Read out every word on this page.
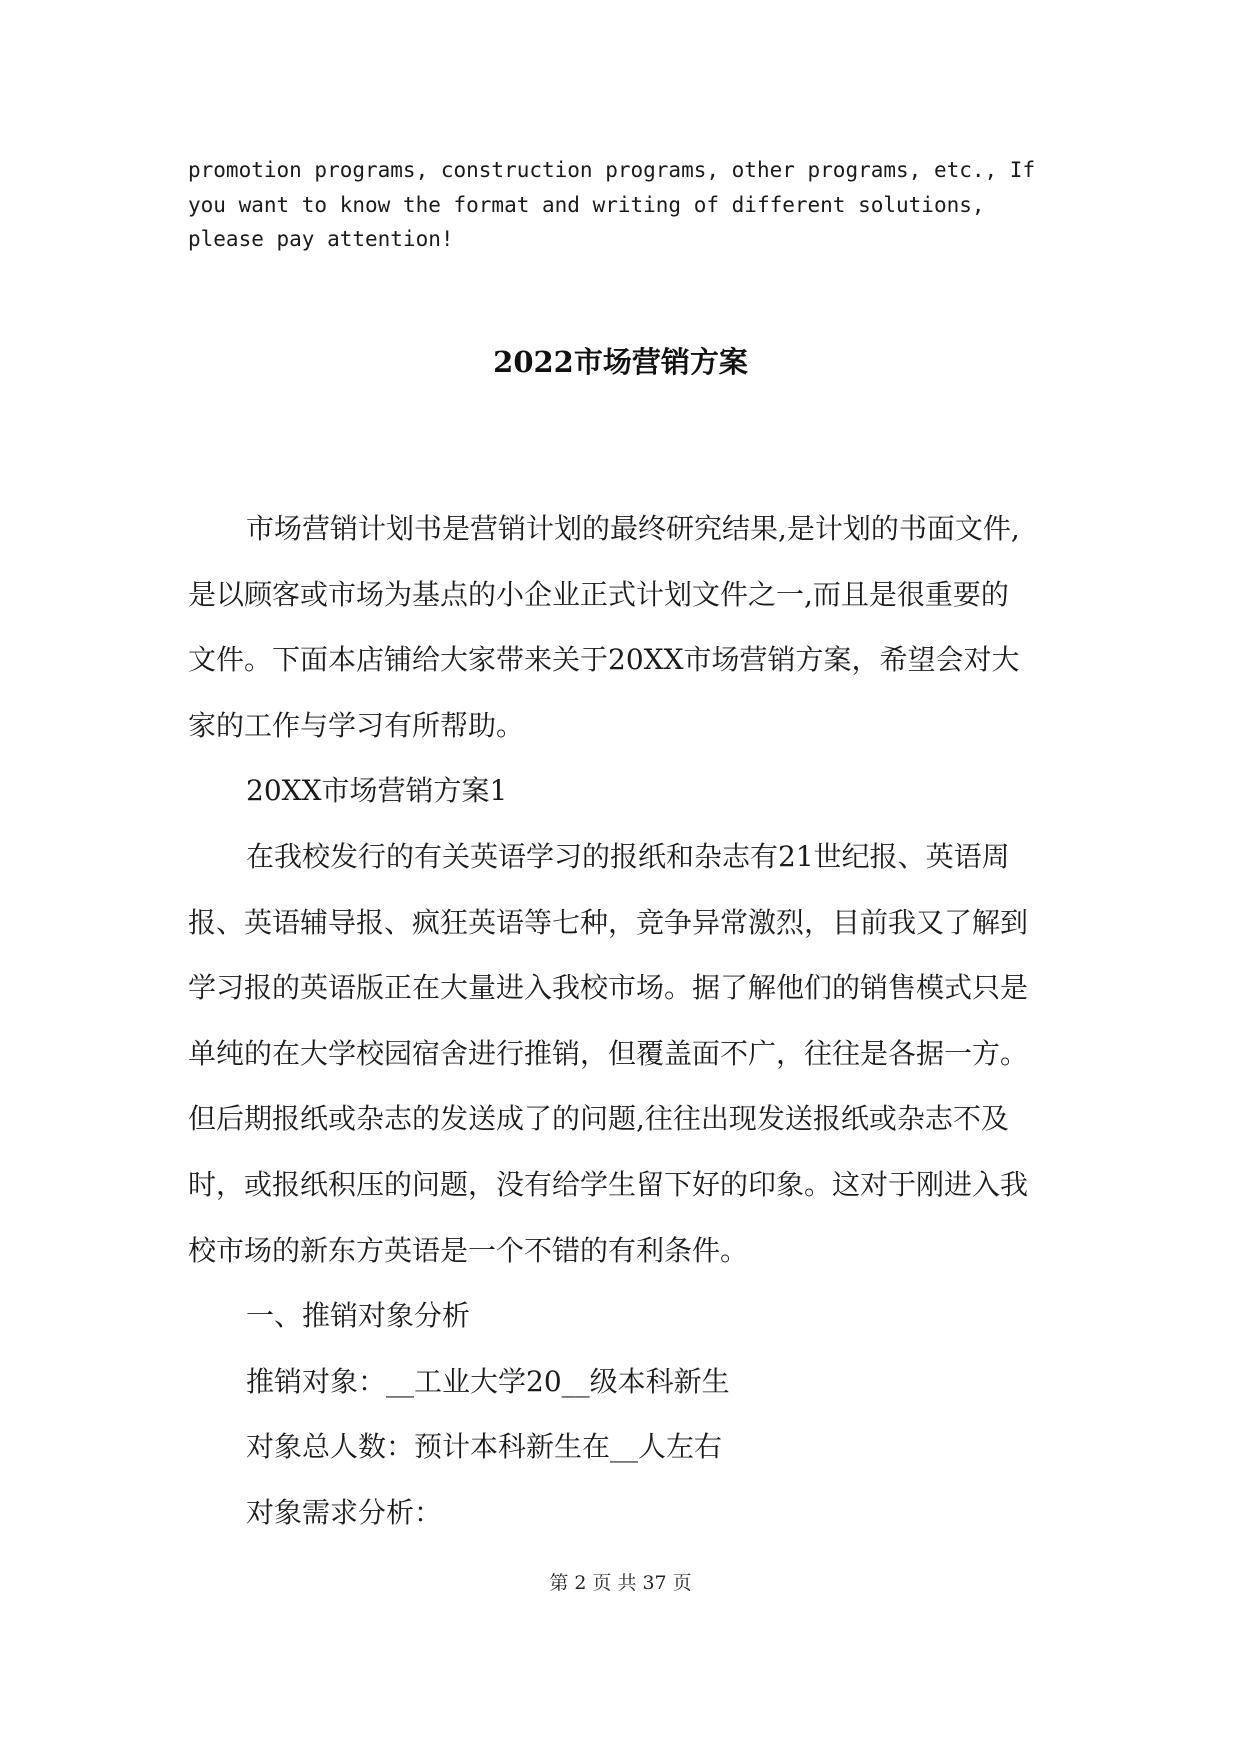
promotion programs, construction programs, other programs, etc., If
you want to know the format and writing of different solutions,
please pay attention!
2022市场营销方案
市场营销计划书是营销计划的最终研究结果,是计划的书面文件,
是以顾客或市场为基点的小企业正式计划文件之一,而且是很重要的
文件。下面本店铺给大家带来关于20XX市场营销方案，希望会对大
家的工作与学习有所帮助。
20XX市场营销方案1
在我校发行的有关英语学习的报纸和杂志有21世纪报、英语周
报、英语辅导报、疯狂英语等七种，竞争异常激烈，目前我又了解到
学习报的英语版正在大量进入我校市场。据了解他们的销售模式只是
单纯的在大学校园宿舍进行推销，但覆盖面不广，往往是各据一方。
但后期报纸或杂志的发送成了的问题,往往出现发送报纸或杂志不及
时，或报纸积压的问题，没有给学生留下好的印象。这对于刚进入我
校市场的新东方英语是一个不错的有利条件。
一、推销对象分析
推销对象：__工业大学20__级本科新生
对象总人数：预计本科新生在__人左右
对象需求分析：
第 2 页 共 37 页
